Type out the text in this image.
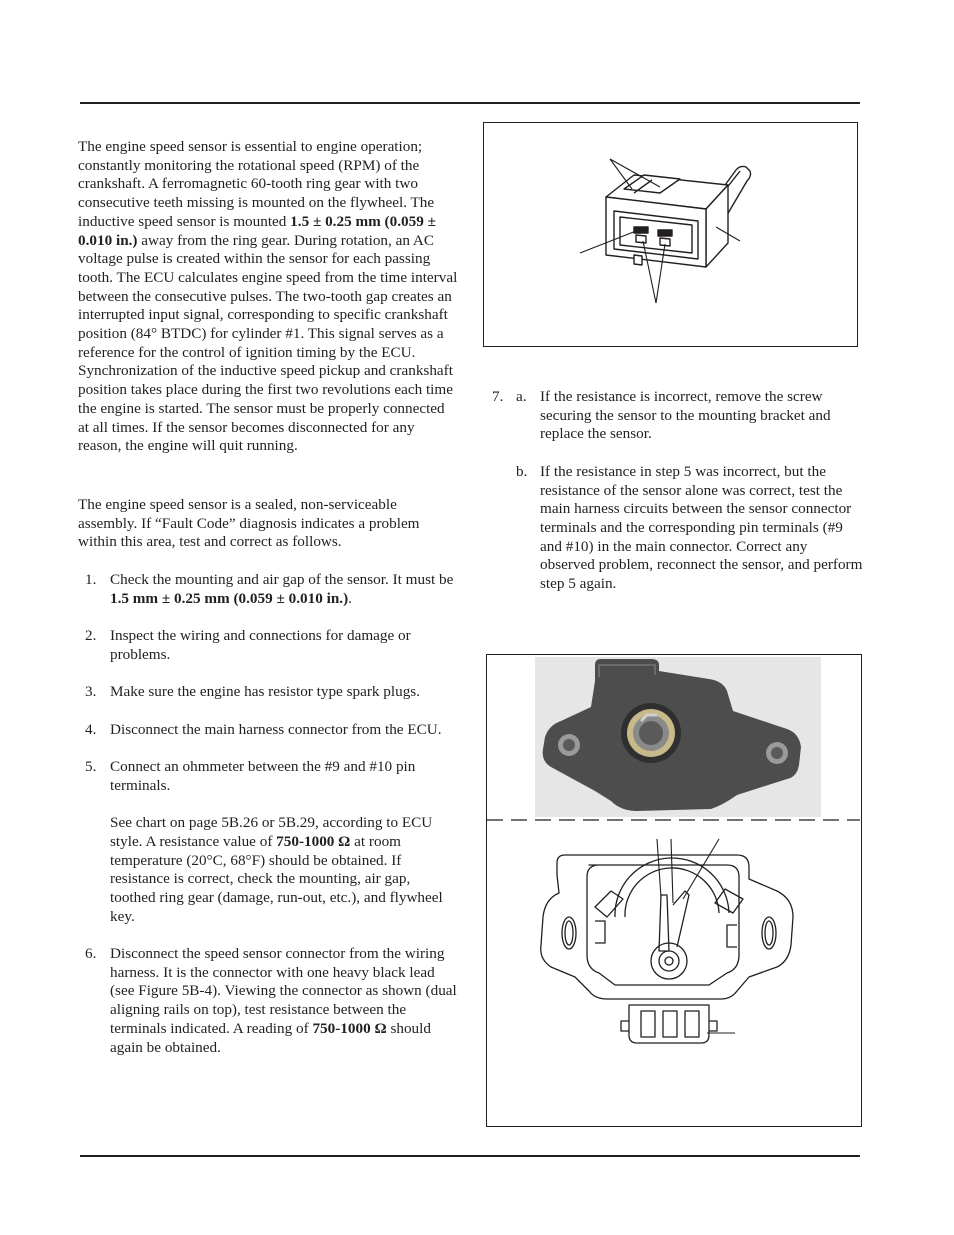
The engine speed sensor is essential to engine operation; constantly monitoring the rotational speed (RPM) of the crankshaft. A ferromagnetic 60-tooth ring gear with two consecutive teeth missing is mounted on the flywheel. The inductive speed sensor is mounted 1.5 ± 0.25 mm (0.059 ± 0.010 in.) away from the ring gear. During rotation, an AC voltage pulse is created within the sensor for each passing tooth. The ECU calculates engine speed from the time interval between the consecutive pulses. The two-tooth gap creates an interrupted input signal, corresponding to specific crankshaft position (84° BTDC) for cylinder #1. This signal serves as a reference for the control of ignition timing by the ECU. Synchronization of the inductive speed pickup and crankshaft position takes place during the first two revolutions each time the engine is started. The sensor must be properly connected at all times. If the sensor becomes disconnected for any reason, the engine will quit running.

The engine speed sensor is a sealed, non-serviceable assembly. If “Fault Code” diagnosis indicates a problem within this area, test and correct as follows.

1. Check the mounting and air gap of the sensor. It must be 1.5 mm ± 0.25 mm (0.059 ± 0.010 in.).

2. Inspect the wiring and connections for damage or problems.

3. Make sure the engine has resistor type spark plugs.

4. Disconnect the main harness connector from the ECU.

5. Connect an ohmmeter between the #9 and #10 pin terminals.

See chart on page 5B.26 or 5B.29, according to ECU style. A resistance value of 750-1000 Ω at room temperature (20°C, 68°F) should be obtained. If resistance is correct, check the mounting, air gap, toothed ring gear (damage, run-out, etc.), and flywheel key.

6. Disconnect the speed sensor connector from the wiring harness. It is the connector with one heavy black lead (see Figure 5B-4). Viewing the connector as shown (dual aligning rails on top), test resistance between the terminals indicated. A reading of 750-1000 Ω should again be obtained.

7. a. If the resistance is incorrect, remove the screw securing the sensor to the mounting bracket and replace the sensor.

b. If the resistance in step 5 was incorrect, but the resistance of the sensor alone was correct, test the main harness circuits between the sensor connector terminals and the corresponding pin terminals (#9 and #10) in the main connector. Correct any observed problem, reconnect the sensor, and perform step 5 again.
